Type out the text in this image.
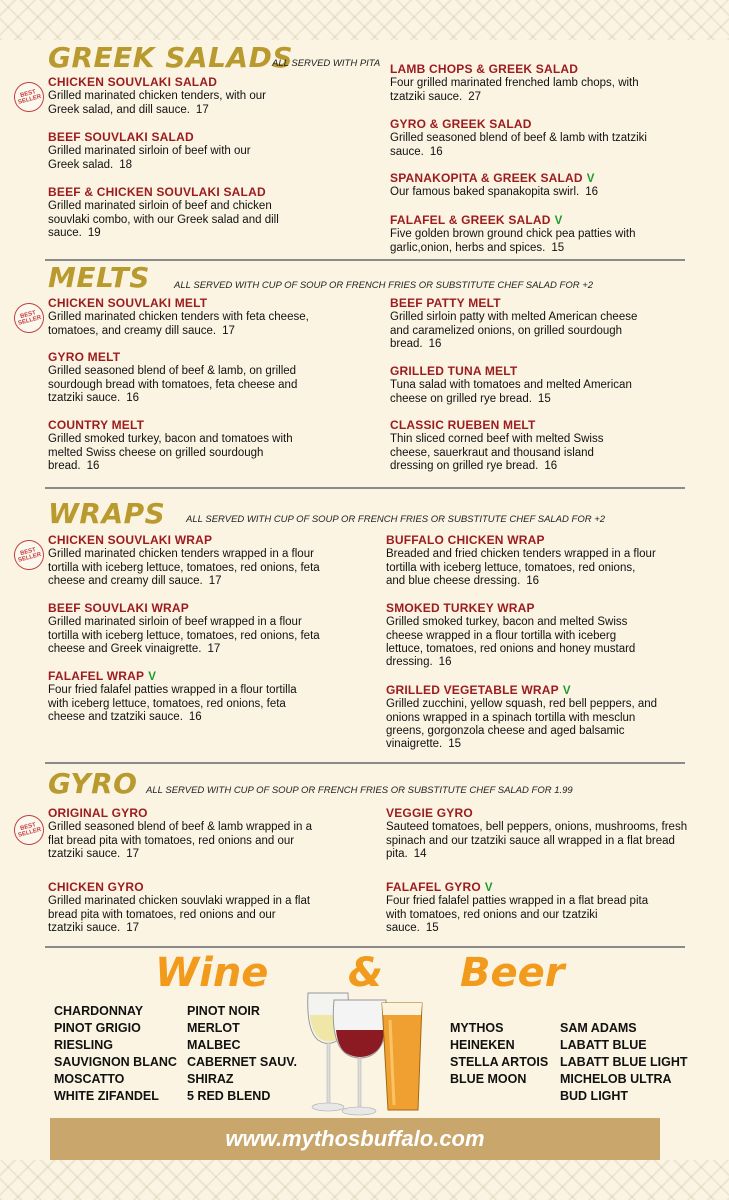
GREEK SALADS
ALL SERVED WITH PITA
BEST SELLER
CHICKEN SOUVLAKI SALAD
Grilled marinated chicken tenders, with our Greek salad, and dill sauce. 17
BEEF SOUVLAKI SALAD
Grilled marinated sirloin of beef with our Greek salad. 18
BEEF & CHICKEN SOUVLAKI SALAD
Grilled marinated sirloin of beef and chicken souvlaki combo, with our Greek salad and dill sauce. 19
LAMB CHOPS & GREEK SALAD
Four grilled marinated frenched lamb chops, with tzatziki sauce. 27
GYRO & GREEK SALAD
Grilled seasoned blend of beef & lamb with tzatziki sauce. 16
SPANAKOPITA & GREEK SALAD V
Our famous baked spanakopita swirl. 16
FALAFEL & GREEK SALAD V
Five golden brown ground chick pea patties with garlic,onion, herbs and spices. 15
MELTS	ALL SERVED WITH CUP OF SOUP OR FRENCH FRIES OR SUBSTITUTE CHEF SALAD FOR +2
BEST SELLER
CHICKEN SOUVLAKI MELT
Grilled marinated chicken tenders with feta cheese, tomatoes, and creamy dill sauce. 17
GYRO MELT
Grilled seasoned blend of beef & lamb, on grilled sourdough bread with tomatoes, feta cheese and tzatziki sauce. 16
COUNTRY MELT
Grilled smoked turkey, bacon and tomatoes with melted Swiss cheese on grilled sourdough bread. 16
BEEF PATTY MELT
Grilled sirloin patty with melted American cheese and caramelized onions, on grilled sourdough bread. 16
GRILLED TUNA MELT
Tuna salad with tomatoes and melted American cheese on grilled rye bread. 15
CLASSIC RUEBEN MELT
Thin sliced corned beef with melted Swiss cheese, sauerkraut and thousand island dressing on grilled rye bread. 16
WRAPS ALL SERVED WITH CUP OF SOUP OR FRENCH FRIES OR SUBSTITUTE CHEF SALAD FOR +2
BEST SELLER
CHICKEN SOUVLAKI WRAP
Grilled marinated chicken tenders wrapped in a flour tortilla with iceberg lettuce, tomatoes, red onions, feta cheese and creamy dill sauce. 17
BEEF SOUVLAKI WRAP
Grilled marinated sirloin of beef wrapped in a flour tortilla with iceberg lettuce, tomatoes, red onions, feta cheese and Greek vinaigrette. 17
FALAFEL WRAP V
Four fried falafel patties wrapped in a flour tortilla with iceberg lettuce, tomatoes, red onions, feta cheese and tzatziki sauce. 16
BUFFALO CHICKEN WRAP
Breaded and fried chicken tenders wrapped in a flour tortilla with iceberg lettuce, tomatoes, red onions, and blue cheese dressing. 16
SMOKED TURKEY WRAP
Grilled smoked turkey, bacon and melted Swiss cheese wrapped in a flour tortilla with iceberg lettuce, tomatoes, red onions and honey mustard dressing. 16
GRILLED VEGETABLE WRAP V
Grilled zucchini, yellow squash, red bell peppers, and onions wrapped in a spinach tortilla with mesclun greens, gorgonzola cheese and aged balsamic vinaigrette. 15
GYRO ALL SERVED WITH CUP OF SOUP OR FRENCH FRIES OR SUBSTITUTE CHEF SALAD FOR 1.99
BEST SELLER
ORIGINAL GYRO
Grilled seasoned blend of beef & lamb wrapped in a flat bread pita with tomatoes, red onions and our tzatziki sauce. 17
CHICKEN GYRO
Grilled marinated chicken souvlaki wrapped in a flat bread pita with tomatoes, red onions and our tzatziki sauce. 17
VEGGIE GYRO
Sauteed tomatoes, bell peppers, onions, mushrooms, fresh spinach and our tzatziki sauce all wrapped in a flat bread pita. 14
FALAFEL GYRO V
Four fried falafel patties wrapped in a flat bread pita with tomatoes, red onions and our tzatziki sauce. 15
Wine & Beer
CHARDONNAY
PINOT GRIGIO
RIESLING
SAUVIGNON BLANC
MOSCATTO
WHITE ZIFANDEL
PINOT NOIR
MERLOT
MALBEC
CABERNET SAUV.
SHIRAZ
5 RED BLEND
MYTHOS
HEINEKEN
STELLA ARTOIS
BLUE MOON
SAM ADAMS
LABATT BLUE
LABATT BLUE LIGHT
MICHELOB ULTRA
BUD LIGHT
www.mythosbuffalo.com
